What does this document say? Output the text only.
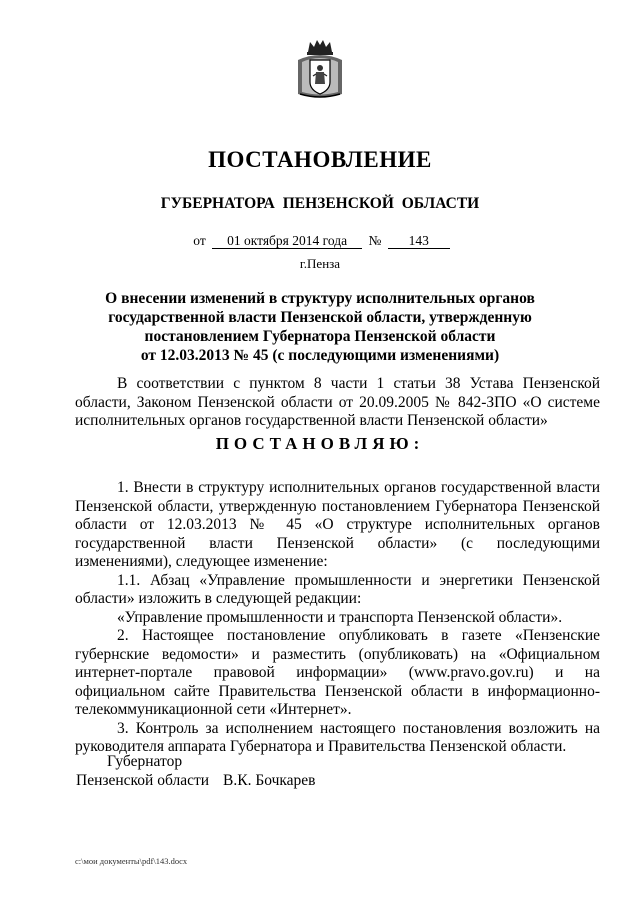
ПОСТАНОВЛЕНИЕ
ГУБЕРНАТОРА ПЕНЗЕНСКОЙ ОБЛАСТИ
от 01 октября 2014 года № 143
г.Пенза
О внесении изменений в структуру исполнительных органов
государственной власти Пензенской области, утвержденную
постановлением Губернатора Пензенской области
от 12.03.2013 № 45 (с последующими изменениями)
В соответствии с пунктом 8 части 1 статьи 38 Устава Пензенской области, Законом Пензенской области от 20.09.2005 № 842-ЗПО «О системе исполнительных органов государственной власти Пензенской области»
ПОСТАНОВЛЯЮ:
1. Внести в структуру исполнительных органов государственной власти Пензенской области, утвержденную постановлением Губернатора Пензенской области от 12.03.2013 № 45 «О структуре исполнительных органов государственной власти Пензенской области» (с последующими изменениями), следующее изменение:
1.1. Абзац «Управление промышленности и энергетики Пензенской области» изложить в следующей редакции:
«Управление промышленности и транспорта Пензенской области».
2. Настоящее постановление опубликовать в газете «Пензенские губернские ведомости» и разместить (опубликовать) на «Официальном интернет-портале правовой информации» (www.pravo.gov.ru) и на официальном сайте Правительства Пензенской области в информационно-телекоммуникационной сети «Интернет».
3. Контроль за исполнением настоящего постановления возложить на руководителя аппарата Губернатора и Правительства Пензенской области.
Губернатор
Пензенской области В.К. Бочкарев
c:\мои документы\pdf\143.docx
